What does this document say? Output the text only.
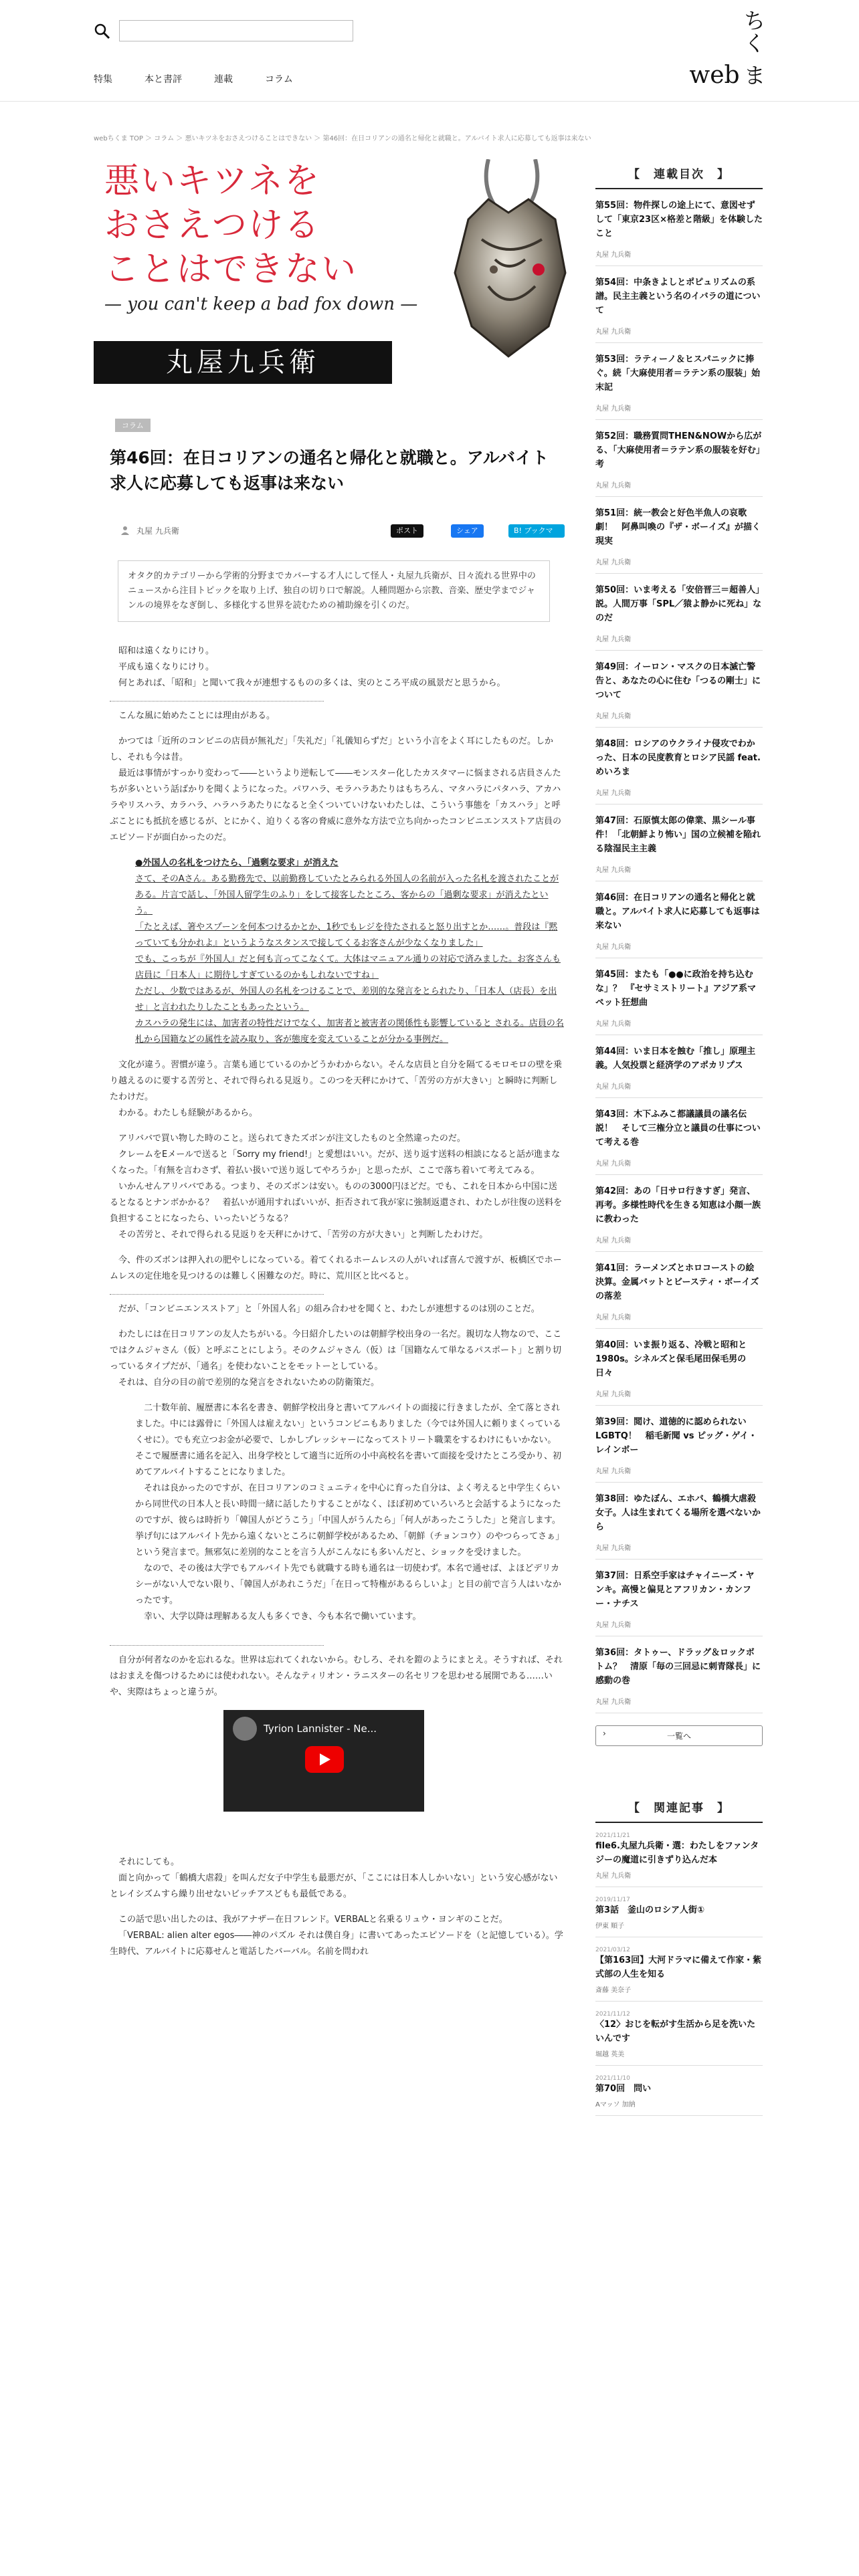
特集	本と書評	連載	コラム
ち
く
ま
web
webちくま TOP ＞ コラム ＞ 悪いキツネをおさえつけることはできない ＞ 第46回：在日コリアンの通名と帰化と就職と。アルバイト求人に応募しても返事は来ない
悪いキツネを
おさえつける
ことはできない
— you can't keep a bad fox down —
丸屋九兵衛
コラム
第46回：在日コリアンの通名と帰化と就職と。アルバイト求人に応募しても返事は来ない
丸屋 九兵衛	ポスト	シェア	B! ブックマーク
オタク的カテゴリーから学術的分野までカバーする才人にして怪人・丸屋九兵衛が、日々流れる世界中のニュースから注目トピックを取り上げ、独自の切り口で解説。人種問題から宗教、音楽、歴史学までジャンルの境界をなぎ倒し、多様化する世界を読むための補助線を引くのだ。

昭和は遠くなりにけり。

平成も遠くなりにけり。

何とあれば、「昭和」と聞いて我々が連想するものの多くは、実のところ平成の風景だと思うから。

こんな風に始めたことには理由がある。

かつては「近所のコンビニの店員が無礼だ」「失礼だ」「礼儀知らずだ」という小言をよく耳にしたものだ。しかし、それも今は昔。

最近は事情がすっかり変わって――というより逆転して――モンスター化したカスタマーに悩まされる店員さんたちが多いという話ばかりを聞くようになった。パワハラ、モラハラあたりはもちろん、マタハラにパタハラ、アカハラやリスハラ、カラハラ、ハラハラあたりになると全くついていけないわたしは、こういう事態を「カスハラ」と呼ぶことにも抵抗を感じるが、とにかく、迫りくる客の脅威に意外な方法で立ち向かったコンビニエンスストア店員のエピソードが面白かったのだ。

●外国人の名札をつけたら、「過剰な要求」が消えた

さて、そのAさん。ある勤務先で、以前勤務していたとみられる外国人の名前が入った名札を渡されたことがある。片言で話し、「外国人留学生のふり」をして接客したところ、客からの「過剰な要求」が消えたという。

「たとえば、箸やスプーンを何本つけるかとか、1秒でもレジを待たされると怒り出すとか……。普段は『黙っていても分かれよ』というようなスタンスで接してくるお客さんが少なくなりました」

でも、こっちが『外国人』だと何も言ってこなくて。大体はマニュアル通りの対応で済みました。お客さんも店員に「日本人」に期待しすぎているのかもしれないですね」

ただし、少数ではあるが、外国人の名札をつけることで、差別的な発言をとられたり、「日本人（店長）を出せ」と言われたりしたこともあったという。

カスハラの発生には、加害者の特性だけでなく、加害者と被害者の関係性も影響していると される。店員の名札から国籍などの属性を読み取り、客が態度を変えていることが分かる事例だ。

文化が違う。習慣が違う。言葉も通じているのかどうかわからない。そんな店員と自分を隔てるモロモロの壁を乗り越えるのに要する苦労と、それで得られる見返り。このつを天秤にかけて、「苦労の方が大きい」と瞬時に判断したわけだ。

わかる。わたしも経験があるから。

アリババで買い物した時のこと。送られてきたズボンが注文したものと全然違ったのだ。

クレームをEメールで送ると「Sorry my friend!」と愛想はいい。だが、送り返す送料の相談になると話が進まなくなった。「有無を言わさず、着払い扱いで送り返してやろうか」と思ったが、ここで落ち着いて考えてみる。

いかんせんアリババである。つまり、そのズボンは安い。ものの3000円ほどだ。でも、これを日本から中国に送るとなるとナンボかかる？　着払いが通用すればいいが、拒否されて我が家に強制返還され、わたしが往復の送料を負担することになったら、いったいどうなる？

その苦労と、それで得られる見返りを天秤にかけて、「苦労の方が大きい」と判断したわけだ。

今、件のズボンは押入れの肥やしになっている。着てくれるホームレスの人がいれば喜んで渡すが、板橋区でホームレスの定住地を見つけるのは難しく困難なのだ。時に、荒川区と比べると。

だが、「コンビニエンスストア」と「外国人名」の組み合わせを聞くと、わたしが連想するのは別のことだ。

わたしには在日コリアンの友人たちがいる。今日紹介したいのは朝鮮学校出身の一名だ。親切な人物なので、ここではクムジャさん（仮）と呼ぶことにしよう。そのクムジャさん（仮）は「国籍なんて単なるパスポート」と割り切っているタイプだが、「通名」を使わないことをモットーとしている。

それは、自分の目の前で差別的な発言をされないための防衛策だ。

二十数年前、履歴書に本名を書き、朝鮮学校出身と書いてアルバイトの面接に行きましたが、全て落とされました。中には露骨に「外国人は雇えない」というコンビニもありました（今では外国人に頼りまくっているくせに）。でも充立つお金が必要で、しかしプレッシャーになってストリート職業をするわけにもいかない。そこで履歴書に通名を記入、出身学校として適当に近所の小中高校名を書いて面接を受けたところ受かり、初めてアルバイトすることになりました。

それは良かったのですが、在日コリアンのコミュニティを中心に育った自分は、よく考えると中学生くらいから同世代の日本人と長い時間一緒に話したりすることがなく、ほぼ初めていろいろと会話するようになったのですが、彼らは時折り「韓国人がどうこう」「中国人がうんたら」「何人があったこうした」と発言します。挙げ句にはアルバイト先から遠くないところに朝鮮学校があるため、「朝鮮（チョンコウ）のやつらってさぁ」という発言まで。無邪気に差別的なことを言う人がこんなにも多いんだと、ショックを受けました。

なので、その後は大学でもアルバイト先でも就職する時も通名は一切使わず。本名で通せば、よほどデリカシーがない人でない限り、「韓国人があれこうだ」「在日って特権があるらしいよ」と目の前で言う人はいなかったです。

幸い、大学以降は理解ある友人も多くでき、今も本名で働いています。

自分が何者なのかを忘れるな。世界は忘れてくれないから。むしろ、それを鎧のようにまとえ。そうすれば、それはおまえを傷つけるためには使われない。そんなティリオン・ラニスターの名セリフを思わせる展開である……いや、実際はちょっと違うが。

Tyrion Lannister - Ne...

それにしても。

面と向かって「鶴橋大虐殺」を叫んだ女子中学生も最悪だが、「ここには日本人しかいない」という安心感がないとレイシズムすら繰り出せないビッチアスどもも最低である。

この話で思い出したのは、我がアナザー在日フレンド。VERBALと名乗るリュウ・ヨンギのことだ。

「VERBAL: alien alter egos――神のパズル それは僕自身」に書いてあったエピソードを（と記憶している）。学生時代、アルバイトに応募せんと電話したバーバル。名前を問われ

【　連載目次　】
第55回：物件探しの途上にて、意図せずして「東京23区×格差と階級」を体験したこと
丸屋 九兵衛
第54回：中条きよしとポピュリズムの系譜。民主主義という名のイバラの道について
丸屋 九兵衛
第53回：ラティーノ＆ヒスパニックに捧ぐ。続「大麻使用者＝ラテン系の服装」始末記
丸屋 九兵衛
第52回：職務質問THEN&NOWから広がる、「大麻使用者＝ラテン系の服装を好む」考
丸屋 九兵衛
第51回：統一教会と好色半魚人の哀歌劇！　阿鼻叫喚の『ザ・ボーイズ』が描く現実
丸屋 九兵衛
第50回：いま考える「安倍晋三＝超善人」説。人間万事「SPL／猿よ静かに死ね」なのだ
丸屋 九兵衛
第49回：イーロン・マスクの日本滅亡警告と、あなたの心に住む「つるの剛士」について
丸屋 九兵衛
第48回：ロシアのウクライナ侵攻でわかった、日本の民度教育とロシア民謡 feat. めいろま
丸屋 九兵衛
第47回：石原慎太郎の偉業、黒シール事件！「北朝鮮より怖い」国の立候補を陥れる陰湿民主主義
丸屋 九兵衛
第46回：在日コリアンの通名と帰化と就職と。アルバイト求人に応募しても返事は来ない
丸屋 九兵衛
第45回：またも「●●に政治を持ち込むな」？　『セサミストリート』アジア系マペット狂想曲
丸屋 九兵衛
第44回：いま日本を蝕む「推し」原理主義。人気投票と経済学のアポカリプス
丸屋 九兵衛
第43回：木下ふみこ都議議員の議名伝説！　そして三権分立と議員の仕事について考える巻
丸屋 九兵衛
第42回：あの「日サロ行きすぎ」発言、再考。多様性時代を生きる知恵は小顔一族に教わった
丸屋 九兵衛
第41回：ラーメンズとホロコーストの絵決算。金属バットとビースティ・ボーイズの落差
丸屋 九兵衛
第40回：いま振り返る、冷戦と昭和と1980s。シネルズと保毛尾田保毛男の日々
丸屋 九兵衛
第39回：閲け、道徳的に認められないLGBTQ！　稲毛新聞 vs ピッグ・ゲイ・レインボー
丸屋 九兵衛
第38回：ゆたぼん、エホバ、鶴橋大虐殺女子。人は生まれてくる場所を選べないから
丸屋 九兵衛
第37回：日系空手家はチャイニーズ・ヤンキ。高慢と偏見とアフリカン・カンフー・ナチス
丸屋 九兵衛
第36回：タトゥー、ドラッグ＆ロックボトム？　清原「毎の三回忌に刺青隊長」に感動の巻
丸屋 九兵衛
› 一覧へ
【　関連記事　】
2021/11/21
file6.丸屋九兵衛・選：わたしをファンタジーの魔道に引きずり込んだ本
丸屋 九兵衛
2019/11/17
第3話　釜山のロシア人街①
伊東 順子
2021/03/12
【第163回】大河ドラマに備えて作家・紫式部の人生を知る
斎藤 美奈子
2021/11/12
〈12〉おじを転がす生活から足を洗いたいんです
堀越 英美
2021/11/10
第70回　問い
Aマッソ 加納
